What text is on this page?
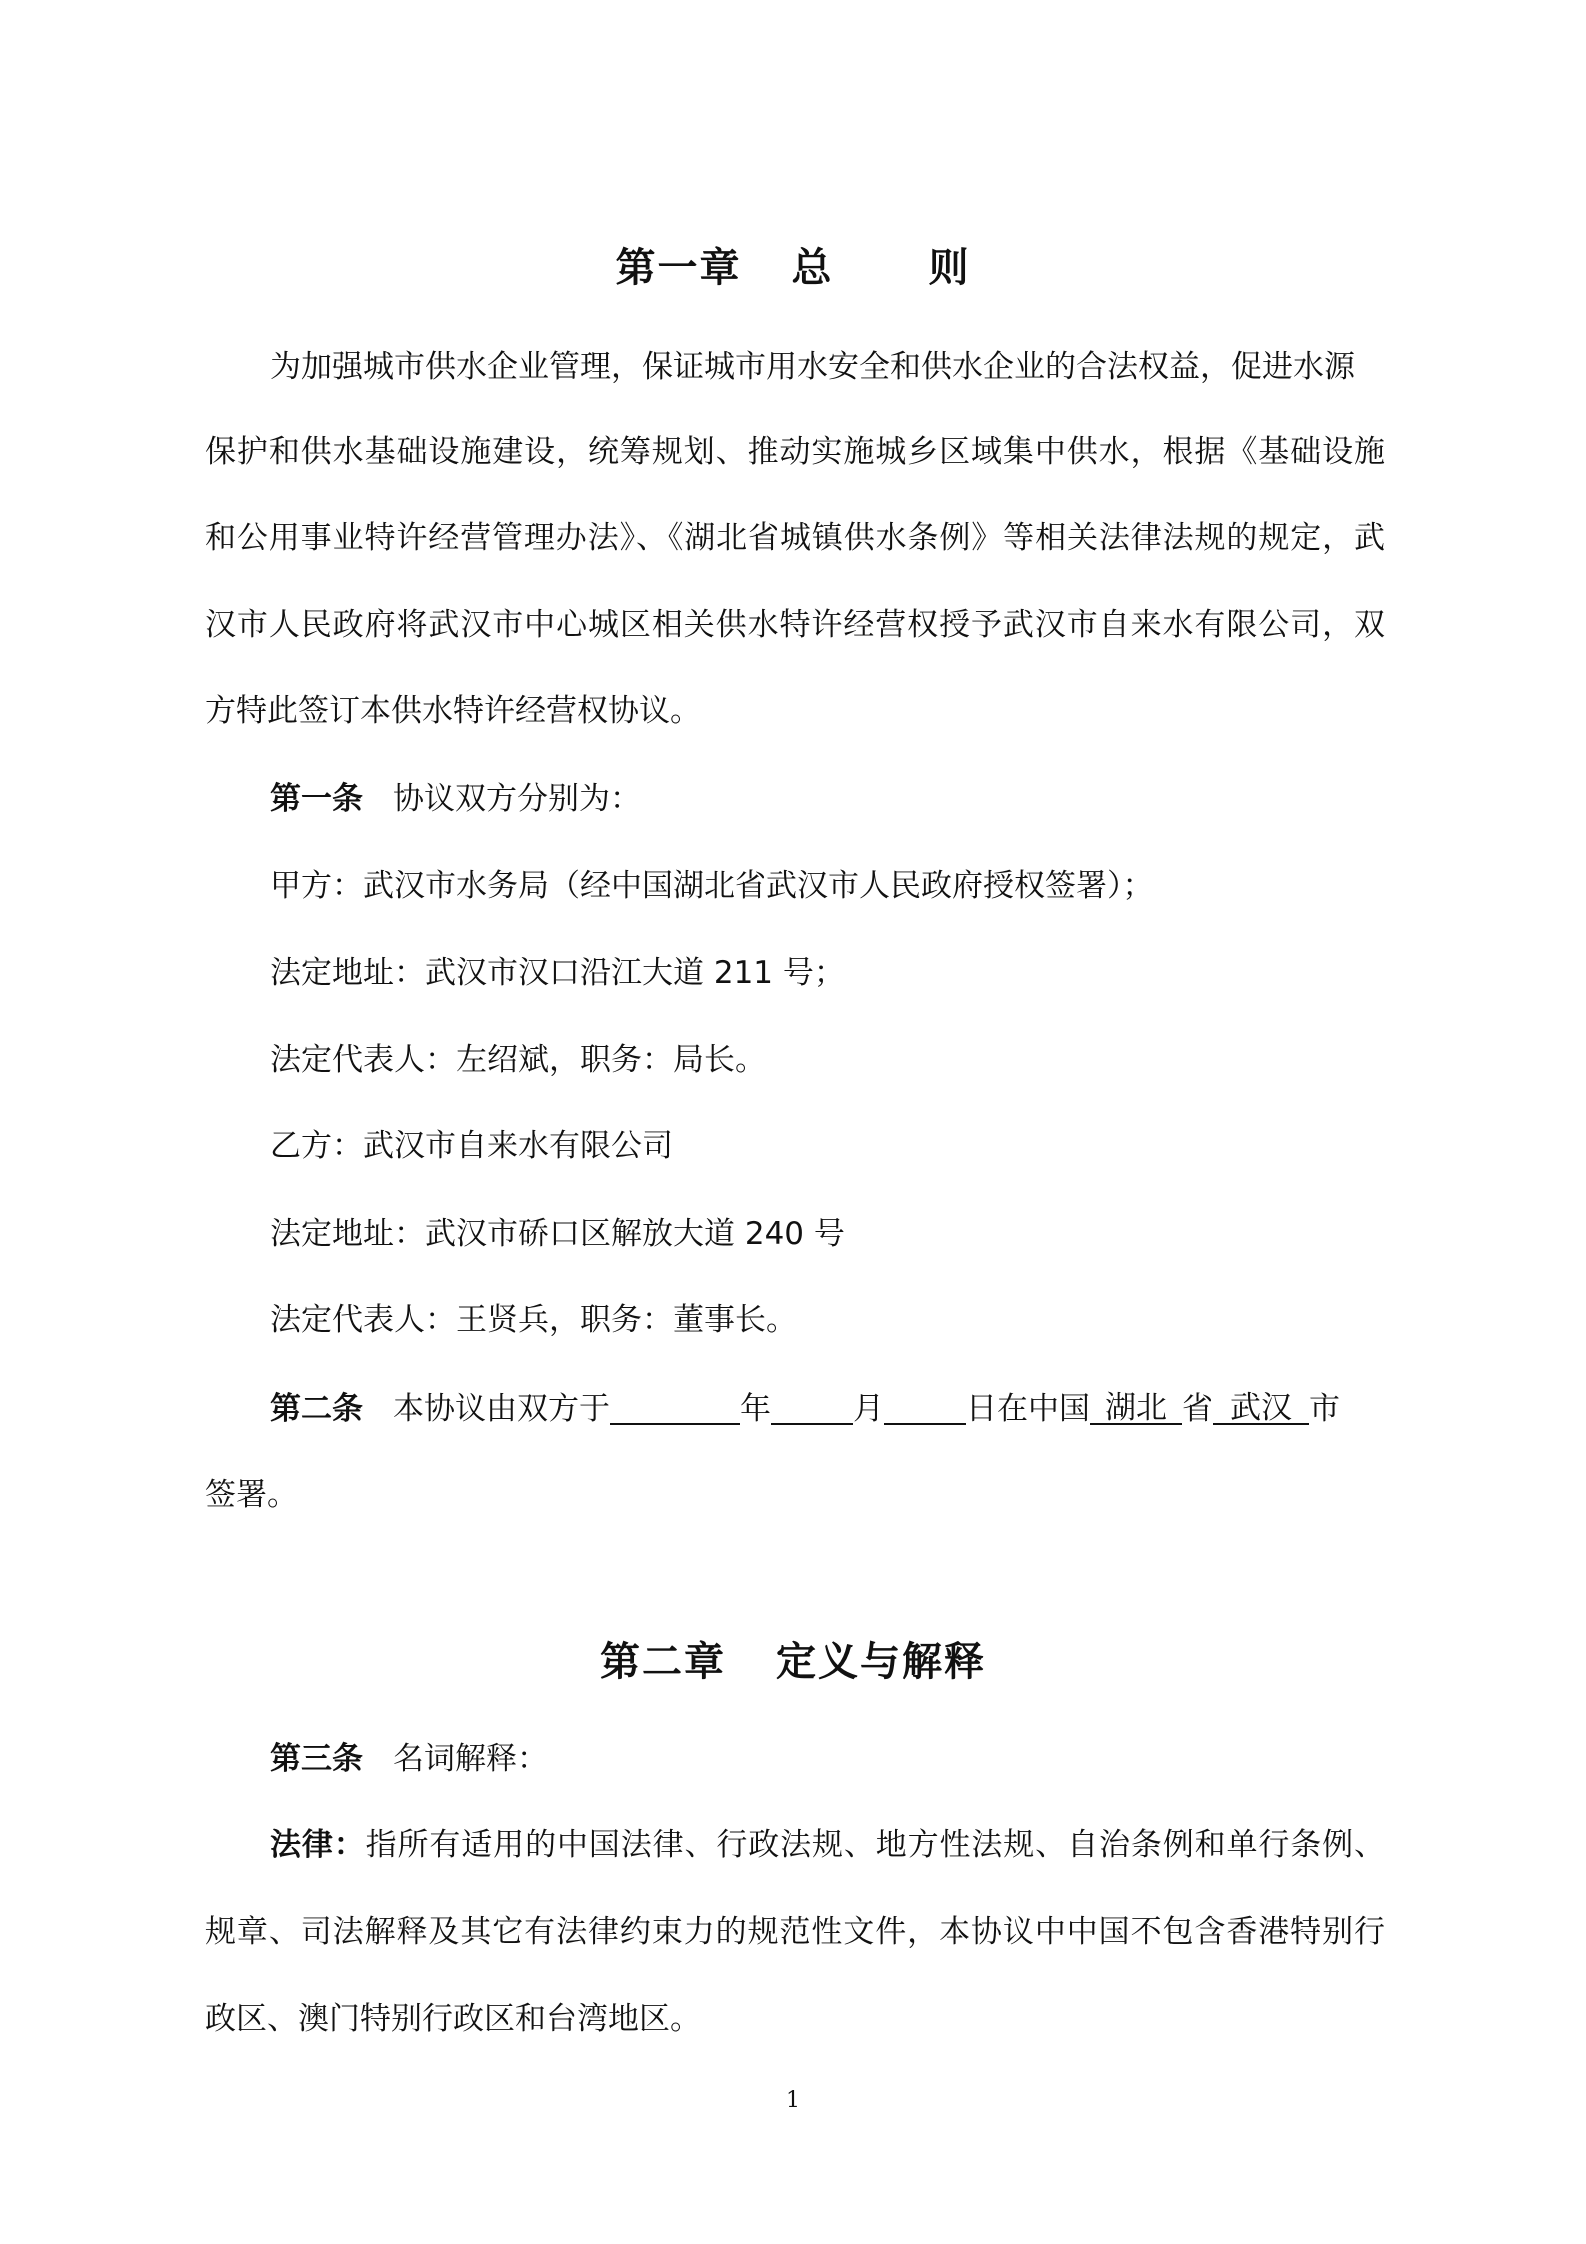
第一章 总 则

为加强城市供水企业管理，保证城市用水安全和供水企业的合法权益，促进水源

保护和供水基础设施建设，统筹规划、推动实施城乡区域集中供水，根据《基础设施

和公用事业特许经营管理办法》、《湖北省城镇供水条例》等相关法律法规的规定，武

汉市人民政府将武汉市中心城区相关供水特许经营权授予武汉市自来水有限公司，双

方特此签订本供水特许经营权协议。

第一条 协议双方分别为：

甲方：武汉市水务局（经中国湖北省武汉市人民政府授权签署）；

法定地址：武汉市汉口沿江大道 211 号；

法定代表人：左绍斌，职务：局长。

乙方：武汉市自来水有限公司

法定地址：武汉市硚口区解放大道 240 号

法定代表人：王贤兵，职务：董事长。

第二条 本协议由双方于	年	月	日在中国 湖北 省 武汉 市

签署。

第二章 定义与解释

第三条 名词解释：

法律：指所有适用的中国法律、行政法规、地方性法规、自治条例和单行条例、

规章、司法解释及其它有法律约束力的规范性文件，本协议中中国不包含香港特别行

政区、澳门特别行政区和台湾地区。

1
